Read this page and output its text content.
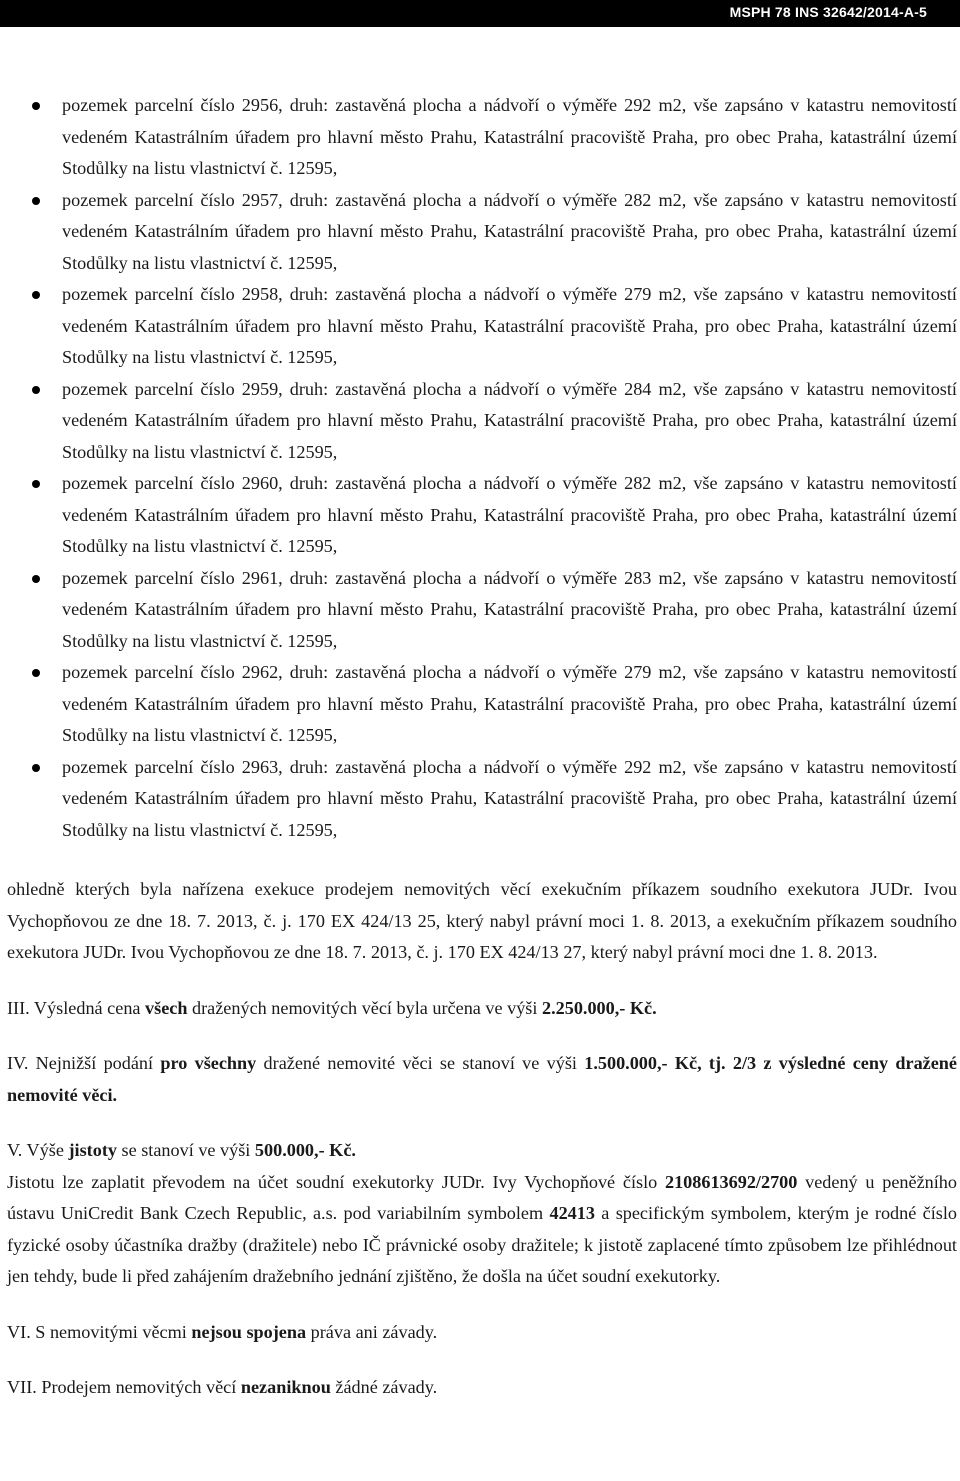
MSPH 78 INS 32642/2014-A-5
pozemek parcelní číslo 2956, druh: zastavěná plocha a nádvoří o výměře 292 m2, vše zapsáno v katastru nemovitostí vedeném Katastrálním úřadem pro hlavní město Prahu, Katastrální pracoviště Praha, pro obec Praha, katastrální území Stodůlky na listu vlastnictví č. 12595,
pozemek parcelní číslo 2957, druh: zastavěná plocha a nádvoří o výměře 282 m2, vše zapsáno v katastru nemovitostí vedeném Katastrálním úřadem pro hlavní město Prahu, Katastrální pracoviště Praha, pro obec Praha, katastrální území Stodůlky na listu vlastnictví č. 12595,
pozemek parcelní číslo 2958, druh: zastavěná plocha a nádvoří o výměře 279 m2, vše zapsáno v katastru nemovitostí vedeném Katastrálním úřadem pro hlavní město Prahu, Katastrální pracoviště Praha, pro obec Praha, katastrální území Stodůlky na listu vlastnictví č. 12595,
pozemek parcelní číslo 2959, druh: zastavěná plocha a nádvoří o výměře 284 m2, vše zapsáno v katastru nemovitostí vedeném Katastrálním úřadem pro hlavní město Prahu, Katastrální pracoviště Praha, pro obec Praha, katastrální území Stodůlky na listu vlastnictví č. 12595,
pozemek parcelní číslo 2960, druh: zastavěná plocha a nádvoří o výměře 282 m2, vše zapsáno v katastru nemovitostí vedeném Katastrálním úřadem pro hlavní město Prahu, Katastrální pracoviště Praha, pro obec Praha, katastrální území Stodůlky na listu vlastnictví č. 12595,
pozemek parcelní číslo 2961, druh: zastavěná plocha a nádvoří o výměře 283 m2, vše zapsáno v katastru nemovitostí vedeném Katastrálním úřadem pro hlavní město Prahu, Katastrální pracoviště Praha, pro obec Praha, katastrální území Stodůlky na listu vlastnictví č. 12595,
pozemek parcelní číslo 2962, druh: zastavěná plocha a nádvoří o výměře 279 m2, vše zapsáno v katastru nemovitostí vedeném Katastrálním úřadem pro hlavní město Prahu, Katastrální pracoviště Praha, pro obec Praha, katastrální území Stodůlky na listu vlastnictví č. 12595,
pozemek parcelní číslo 2963, druh: zastavěná plocha a nádvoří o výměře 292 m2, vše zapsáno v katastru nemovitostí vedeném Katastrálním úřadem pro hlavní město Prahu, Katastrální pracoviště Praha, pro obec Praha, katastrální území Stodůlky na listu vlastnictví č. 12595,

ohledně kterých byla nařízena exekuce prodejem nemovitých věcí exekučním příkazem soudního exekutora JUDr. Ivou Vychopňovou ze dne 18. 7. 2013, č. j. 170 EX 424/13 25, který nabyl právní moci 1. 8. 2013, a exekučním příkazem soudního exekutora JUDr. Ivou Vychopňovou ze dne 18. 7. 2013, č. j. 170 EX 424/13 27, který nabyl právní moci dne 1. 8. 2013.

III. Výsledná cena všech dražených nemovitých věcí byla určena ve výši 2.250.000,- Kč.

IV. Nejnižší podání pro všechny dražené nemovité věci se stanoví ve výši 1.500.000,- Kč, tj. 2/3 z výsledné ceny dražené nemovité věci.

V. Výše jistoty se stanoví ve výši 500.000,- Kč.

Jistotu lze zaplatit převodem na účet soudní exekutorky JUDr. Ivy Vychopňové číslo 2108613692/2700 vedený u peněžního ústavu UniCredit Bank Czech Republic, a.s. pod variabilním symbolem 42413 a specifickým symbolem, kterým je rodné číslo fyzické osoby účastníka dražby (dražitele) nebo IČ právnické osoby dražitele; k jistotě zaplacené tímto způsobem lze přihlédnout jen tehdy, bude li před zahájením dražebního jednání zjištěno, že došla na účet soudní exekutorky.

VI. S nemovitými věcmi nejsou spojena práva ani závady.

VII. Prodejem nemovitých věcí nezaniknou žádné závady.
